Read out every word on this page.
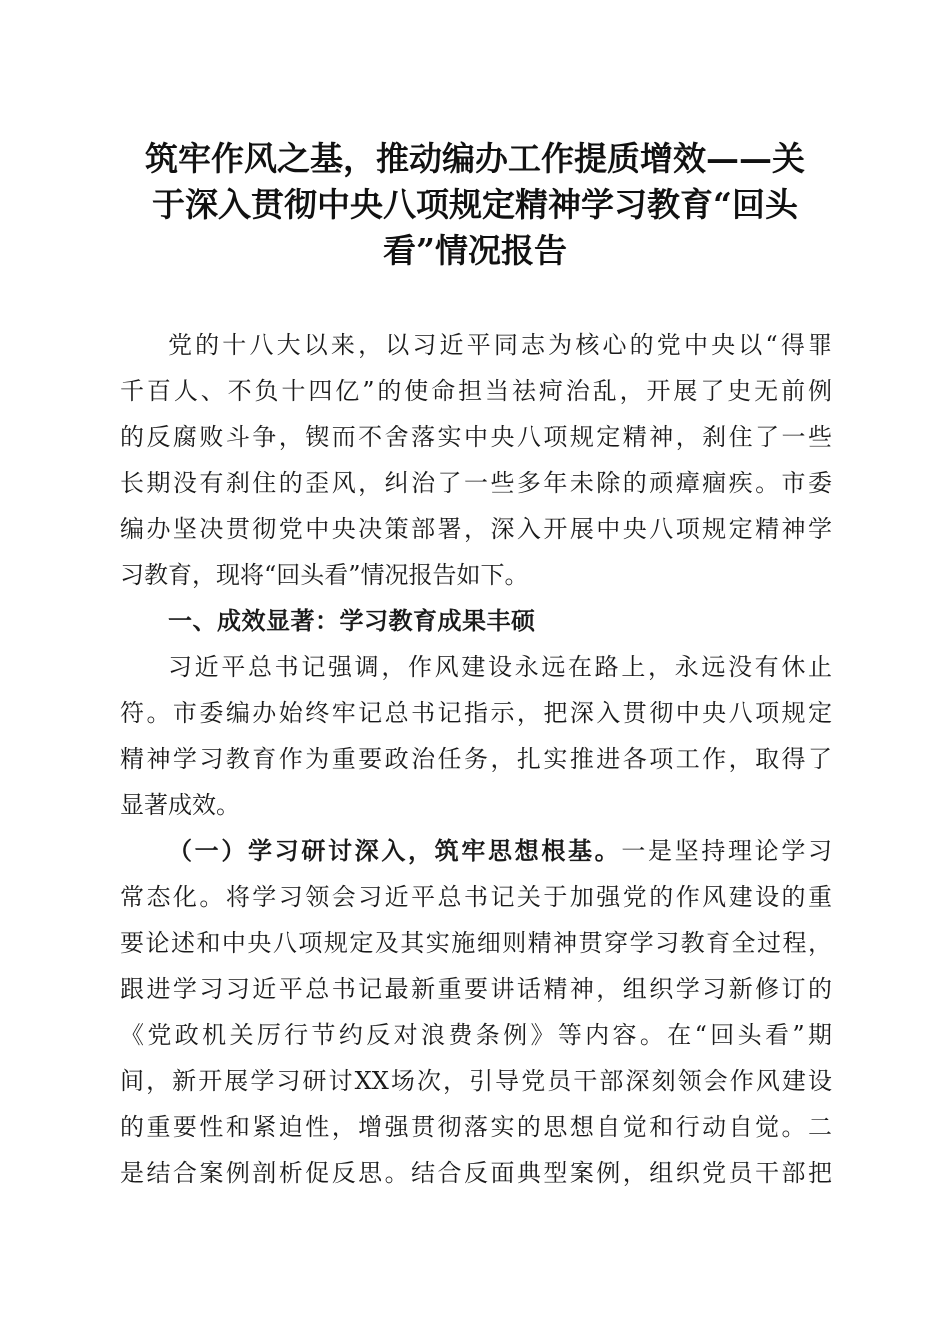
筑牢作风之基，推动编办工作提质增效——关
于深入贯彻中央八项规定精神学习教育“回头
看”情况报告
党的十八大以来，以习近平同志为核心的党中央以“得罪
千百人、不负十四亿”的使命担当祛疴治乱，开展了史无前例
的反腐败斗争，锲而不舍落实中央八项规定精神，刹住了一些
长期没有刹住的歪风，纠治了一些多年未除的顽瘴痼疾。市委
编办坚决贯彻党中央决策部署，深入开展中央八项规定精神学
习教育，现将“回头看”情况报告如下。
一、成效显著：学习教育成果丰硕
习近平总书记强调，作风建设永远在路上，永远没有休止
符。市委编办始终牢记总书记指示，把深入贯彻中央八项规定
精神学习教育作为重要政治任务，扎实推进各项工作，取得了
显著成效。
（一）学习研讨深入，筑牢思想根基。一是坚持理论学习
常态化。将学习领会习近平总书记关于加强党的作风建设的重
要论述和中央八项规定及其实施细则精神贯穿学习教育全过程，
跟进学习习近平总书记最新重要讲话精神，组织学习新修订的
《党政机关厉行节约反对浪费条例》等内容。在“回头看”期
间，新开展学习研讨XX场次，引导党员干部深刻领会作风建设
的重要性和紧迫性，增强贯彻落实的思想自觉和行动自觉。二
是结合案例剖析促反思。结合反面典型案例，组织党员干部把
